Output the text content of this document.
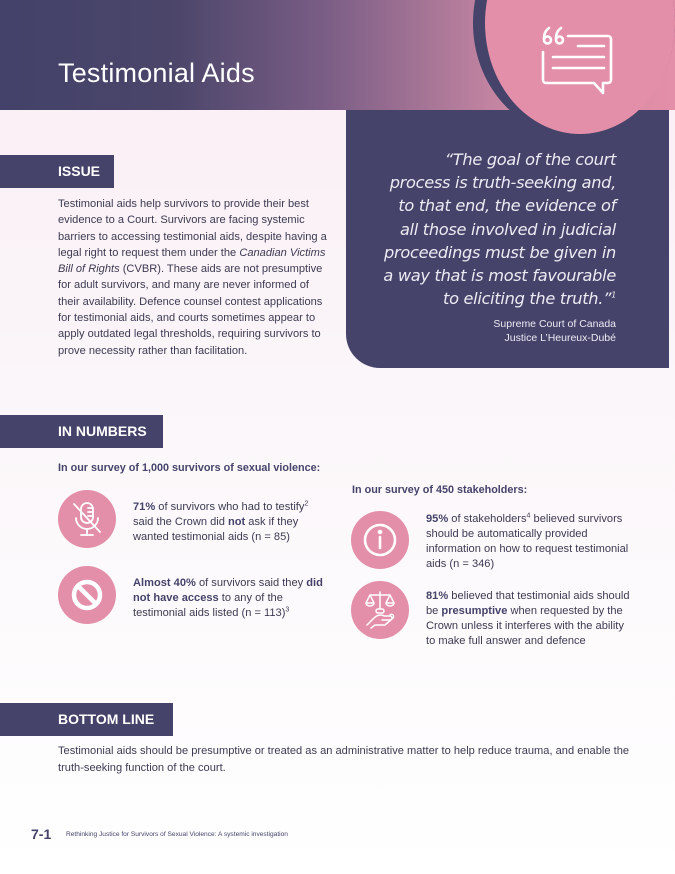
Testimonial Aids
“The goal of the court
process is truth-seeking and,
to that end, the evidence of
all those involved in judicial
proceedings must be given in
a way that is most favourable
to eliciting the truth.”$^1$
Supreme Court of Canada
Justice L’Heureux-Dubé
ISSUE

Testimonial aids help survivors to provide their best evidence to a Court. Survivors are facing systemic barriers to accessing testimonial aids, despite having a legal right to request them under the Canadian Victims Bill of Rights (CVBR). These aids are not presumptive for adult survivors, and many are never informed of their availability. Defence counsel contest applications for testimonial aids, and courts sometimes appear to apply outdated legal thresholds, requiring survivors to prove necessity rather than facilitation.

IN NUMBERS
In our survey of 1,000 survivors of sexual violence:
71% of survivors who had to testify$^2$ said the Crown did not ask if they wanted testimonial aids (n = 85)
Almost 40% of survivors said they did not have access to any of the testimonial aids listed (n = 113)$^3$
In our survey of 450 stakeholders:
95% of stakeholders$^4$ believed survivors should be automatically provided information on how to request testimonial aids (n = 346)
81% believed that testimonial aids should be presumptive when requested by the Crown unless it interferes with the ability to make full answer and defence
BOTTOM LINE

Testimonial aids should be presumptive or treated as an administrative matter to help reduce trauma, and enable the truth-seeking function of the court.

7-1 Rethinking Justice for Survivors of Sexual Violence: A systemic investigation
